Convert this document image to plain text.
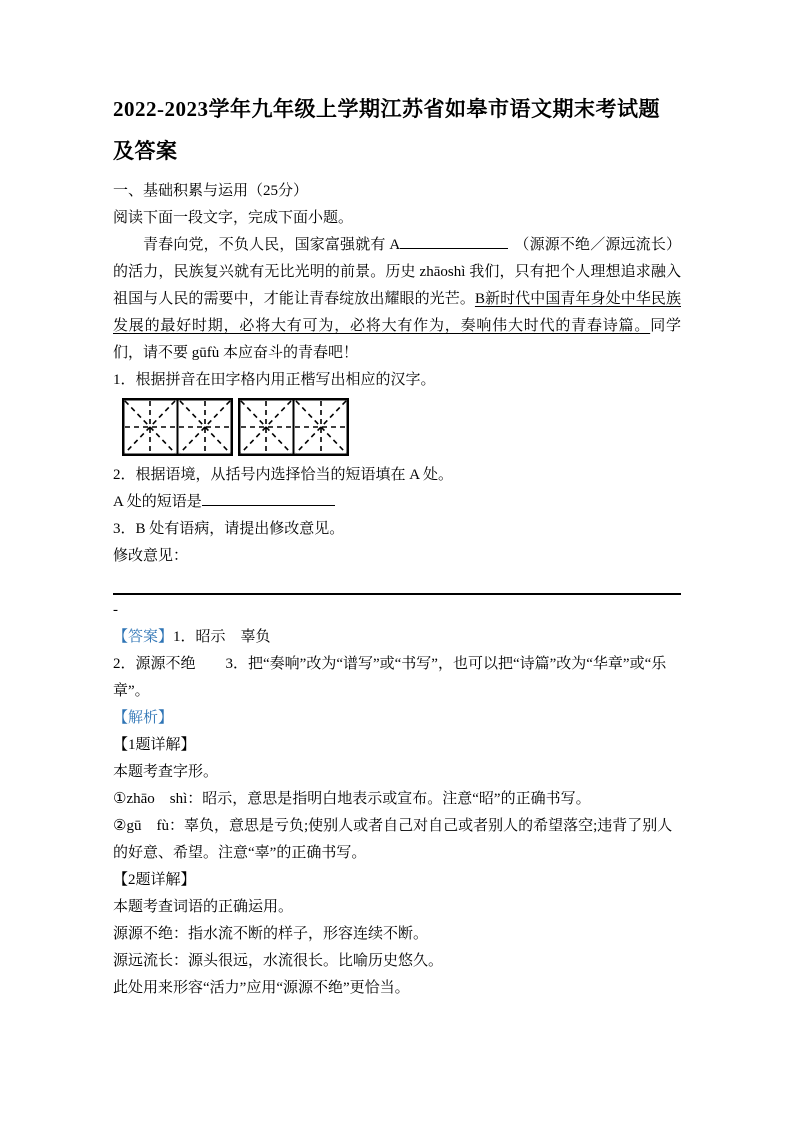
2022-2023学年九年级上学期江苏省如皋市语文期末考试题
及答案

一、基础积累与运用（25分）

阅读下面一段文字，完成下面小题。

青春向党，不负人民，国家富强就有 A	（源源不绝／源远流长）的活力，民族复兴就有无比光明的前景。历史 zhāoshì 我们，只有把个人理想追求融入祖国与人民的需要中，才能让青春绽放出耀眼的光芒。B新时代中国青年身处中华民族发展的最好时期，必将大有可为，必将大有作为，奏响伟大时代的青春诗篇。同学们，请不要 gūfù 本应奋斗的青春吧！

1．根据拼音在田字格内用正楷写出相应的汉字。

2．根据语境，从括号内选择恰当的短语填在 A 处。

A 处的短语是

3．B 处有语病，请提出修改意见。

修改意见：

-

【答案】1．昭示　辜负

2．源源不绝　　3．把“奏响”改为“谱写”或“书写”，也可以把“诗篇”改为“华章”或“乐章”。

【解析】

【1题详解】

本题考查字形。

①zhāo　shì：昭示，意思是指明白地表示或宣布。注意“昭”的正确书写。

②gū　fù：辜负，意思是亏负;使别人或者自己对自己或者别人的希望落空;违背了别人的好意、希望。注意“辜”的正确书写。

【2题详解】

本题考查词语的正确运用。

源源不绝：指水流不断的样子，形容连续不断。

源远流长：源头很远，水流很长。比喻历史悠久。

此处用来形容“活力”应用“源源不绝”更恰当。
